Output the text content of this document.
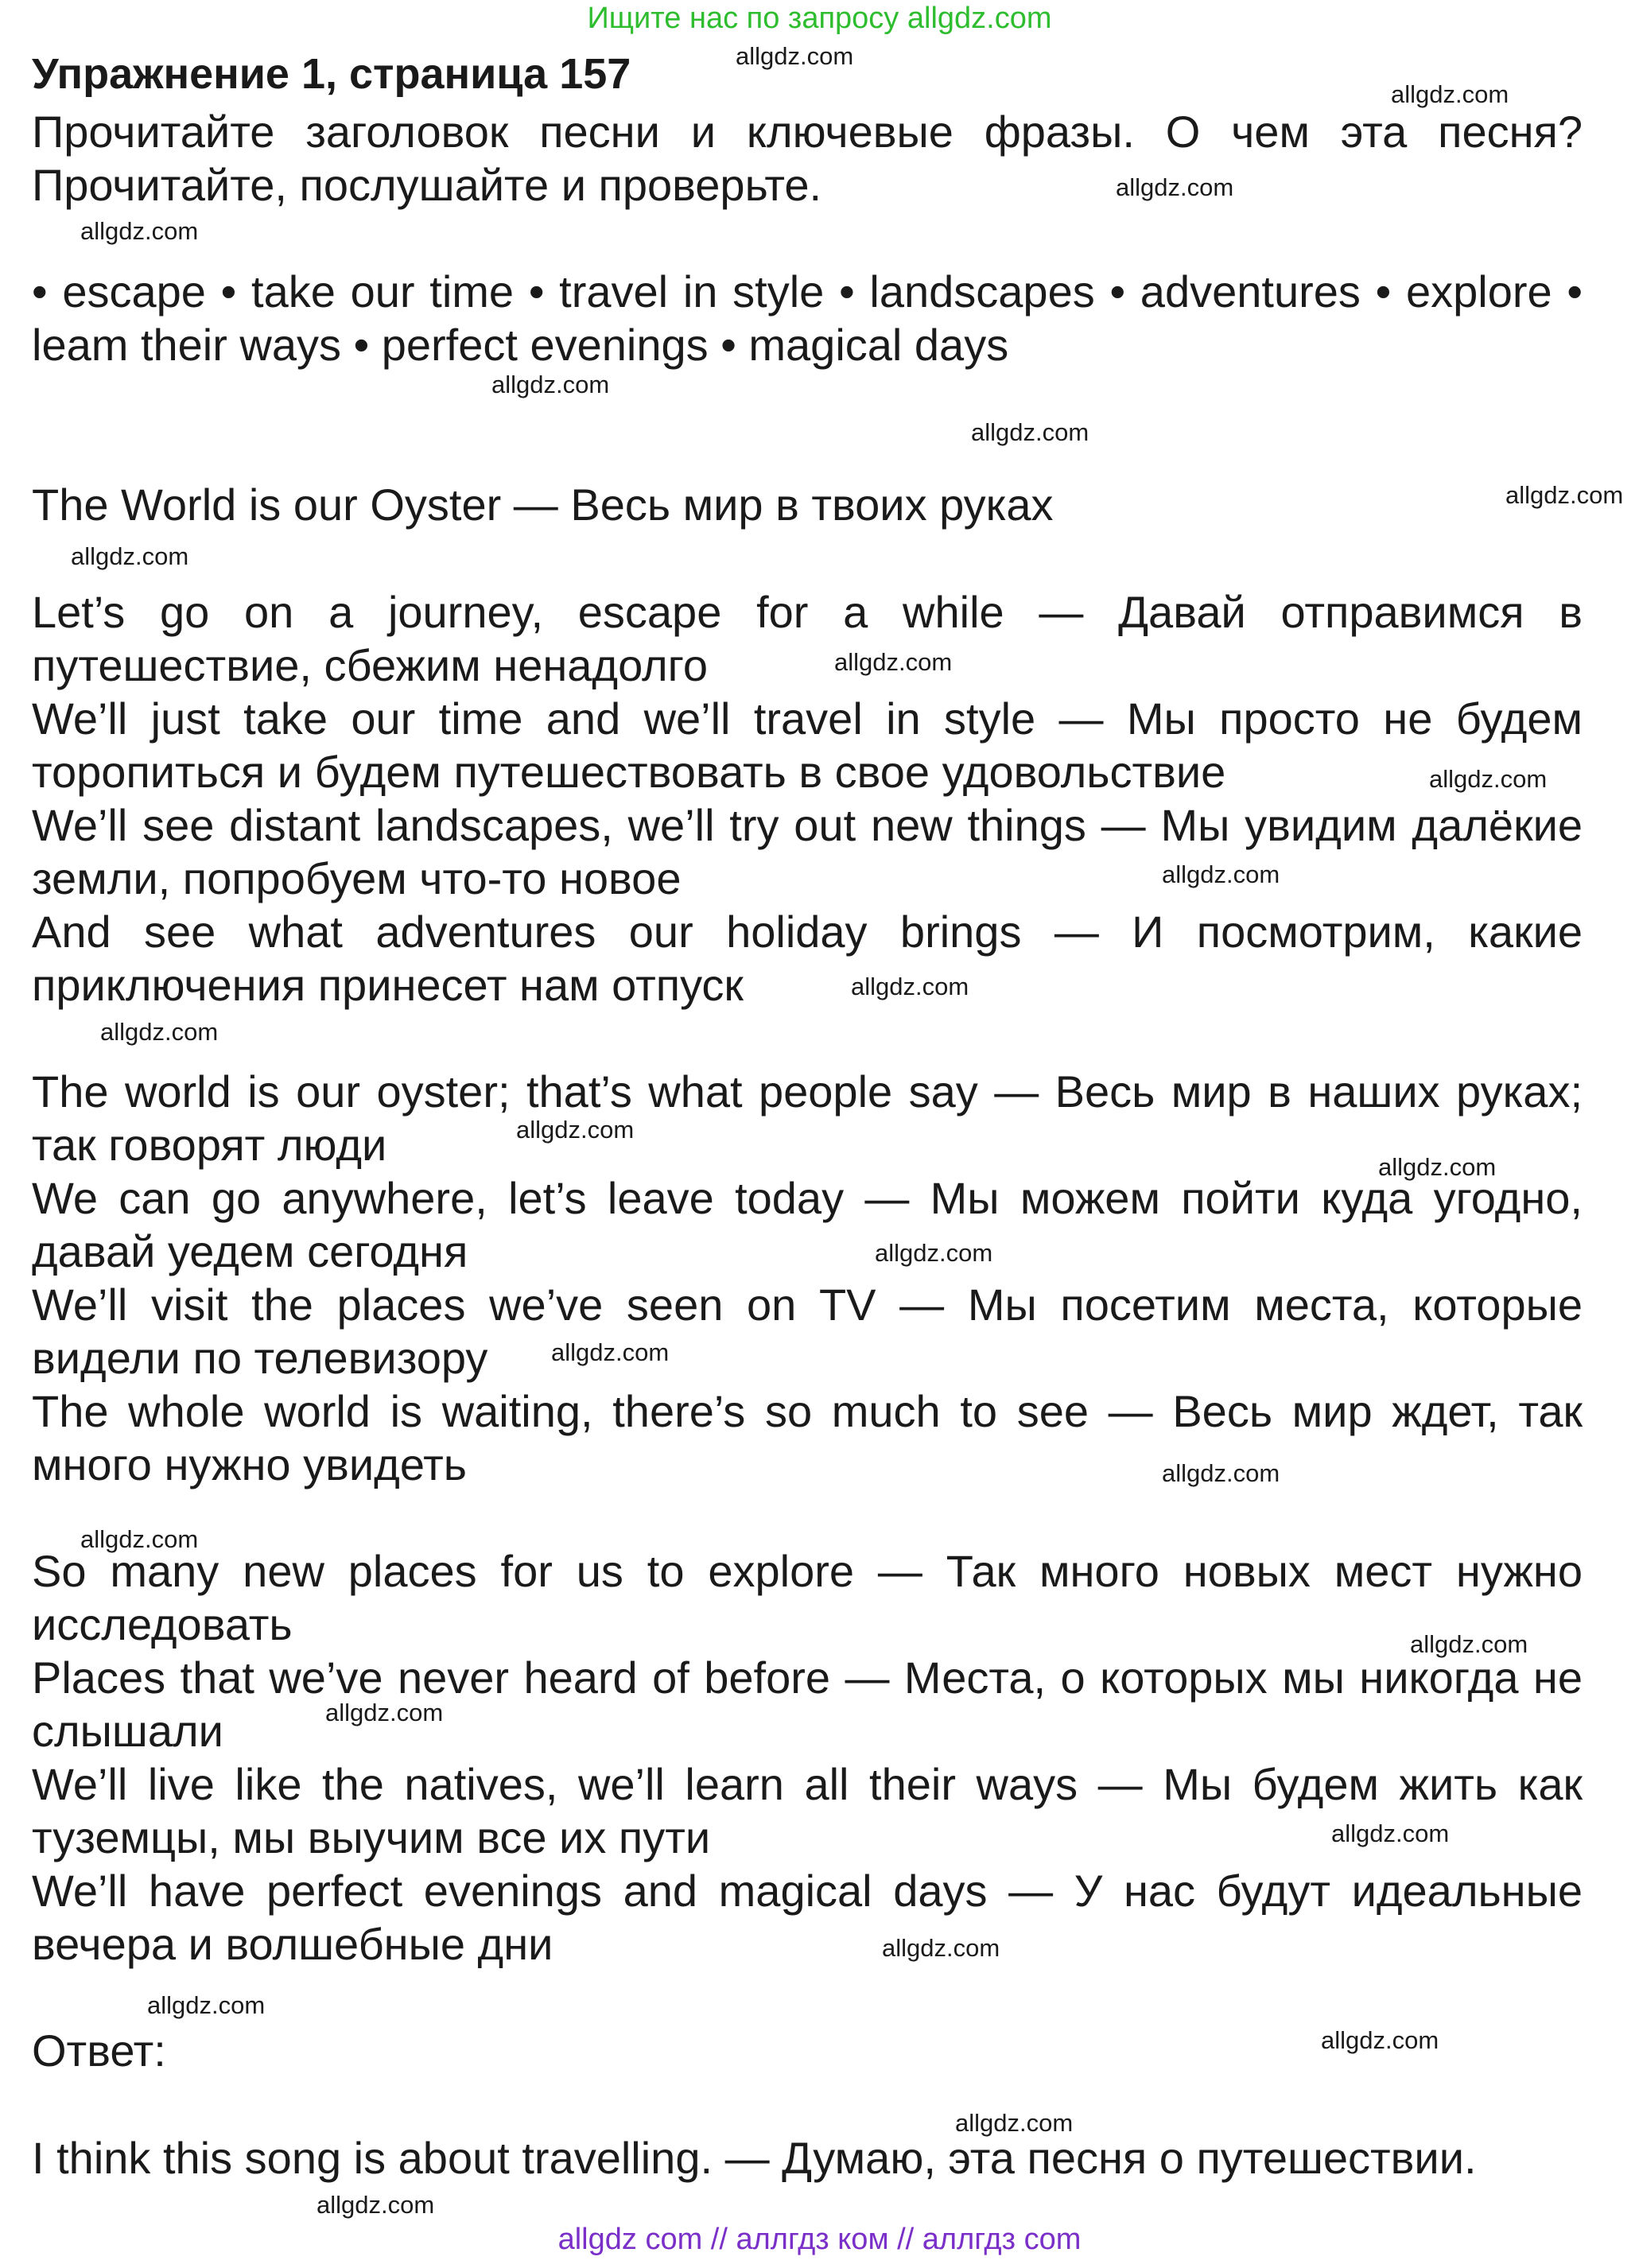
Ищите нас по запросу allgdz.com
Упражнение 1, страница 157
Прочитайте заголовок песни и ключевые фразы. О чем эта песня? Прочитайте, послушайте и проверьте.
• escape • take our time • travel in style • landscapes • adventures • explore • leam their ways • perfect evenings • magical days
The World is our Oyster — Весь мир в твоих руках
Let’s go on a journey, escape for a while — Давай отправимся в путешествие, сбежим ненадолго
We’ll just take our time and we’ll travel in style — Мы просто не будем торопиться и будем путешествовать в свое удовольствие
We’ll see distant landscapes, we’ll try out new things — Мы увидим далёкие земли, попробуем что-то новое
And see what adventures our holiday brings — И посмотрим, какие приключения принесет нам отпуск
The world is our oyster; that’s what people say — Весь мир в наших руках; так говорят люди
We can go anywhere, let’s leave today — Мы можем пойти куда угодно, давай уедем сегодня
We’ll visit the places we’ve seen on TV — Мы посетим места, которые видели по телевизору
The whole world is waiting, there’s so much to see — Весь мир ждет, так много нужно увидеть
So many new places for us to explore — Так много новых мест нужно исследовать
Places that we’ve never heard of before — Места, о которых мы никогда не слышали
We’ll live like the natives, we’ll learn all their ways — Мы будем жить как туземцы, мы выучим все их пути
We’ll have perfect evenings and magical days — У нас будут идеальные вечера и волшебные дни
Ответ:
I think this song is about travelling. — Думаю, эта песня о путешествии.
allgdz.com
allgdz.com
allgdz.com
allgdz.com
allgdz.com
allgdz.com
allgdz.com
allgdz.com
allgdz.com
allgdz.com
allgdz.com
allgdz.com
allgdz.com
allgdz.com
allgdz.com
allgdz.com
allgdz.com
allgdz.com
allgdz.com
allgdz.com
allgdz.com
allgdz.com
allgdz.com
allgdz.com
allgdz.com
allgdz.com
allgdz.com
allgdz com // аллгдз ком // аллгдз com
